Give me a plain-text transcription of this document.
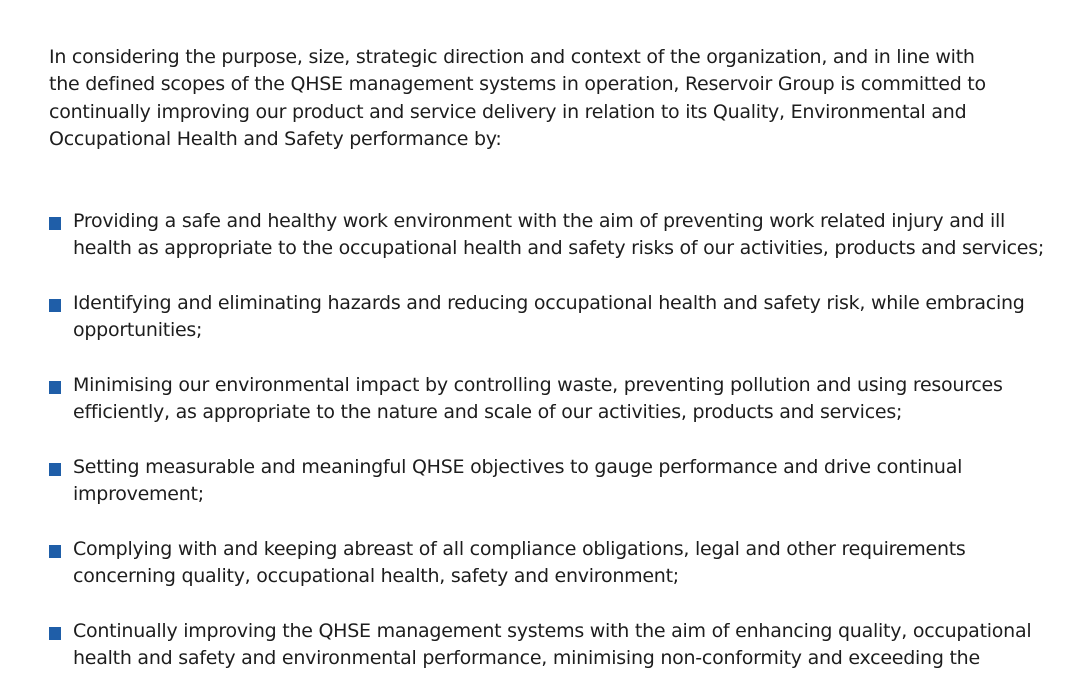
In considering the purpose, size, strategic direction and context of the organization, and in line with
the defined scopes of the QHSE management systems in operation, Reservoir Group is committed to
continually improving our product and service delivery in relation to its Quality, Environmental and
Occupational Health and Safety performance by:

Providing a safe and healthy work environment with the aim of preventing work related injury and ill
health as appropriate to the occupational health and safety risks of our activities, products and services;

Identifying and eliminating hazards and reducing occupational health and safety risk, while embracing
opportunities;

Minimising our environmental impact by controlling waste, preventing pollution and using resources
efficiently, as appropriate to the nature and scale of our activities, products and services;

Setting measurable and meaningful QHSE objectives to gauge performance and drive continual
improvement;

Complying with and keeping abreast of all compliance obligations, legal and other requirements
concerning quality, occupational health, safety and environment;

Continually improving the QHSE management systems with the aim of enhancing quality, occupational
health and safety and environmental performance, minimising non-conformity and exceeding the
